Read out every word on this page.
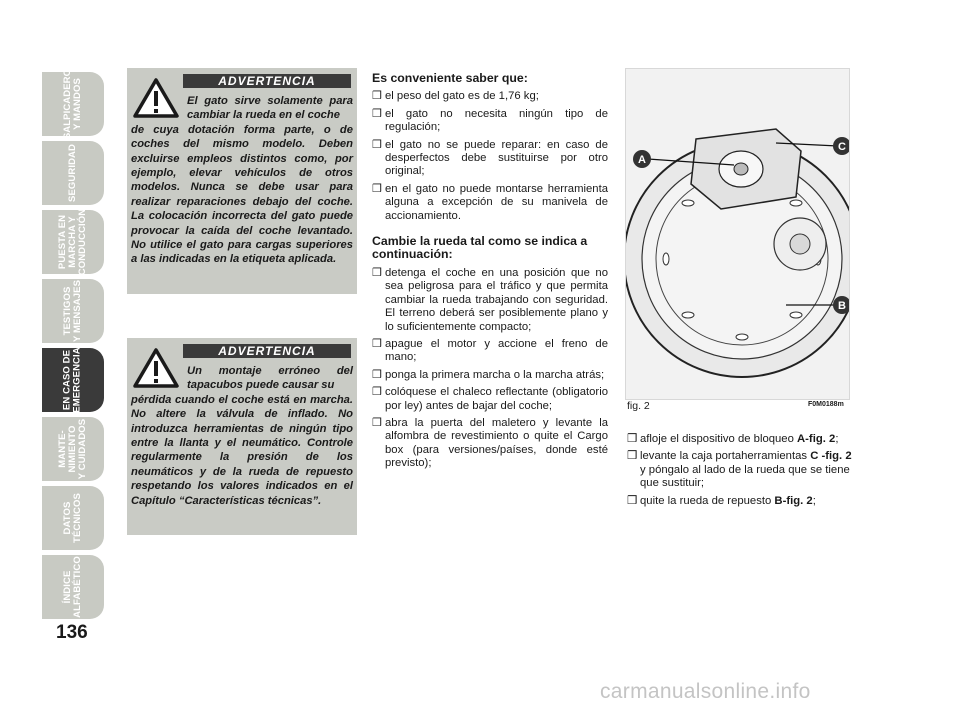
SALPICADERO
Y MANDOS
SEGURIDAD
PUESTA EN
MARCHA Y
CONDUCCIÓN
TESTIGOS
Y MENSAJES
EN CASO DE
EMERGENCIA
MANTE-
NIMIENTO
Y CUIDADOS
DATOS
TÉCNICOS
ÍNDICE
ALFABÉTICO
136
ADVERTENCIA
El gato sirve solamente para cambiar la rueda en el coche
de cuya dotación forma parte, o de coches del mismo modelo. Deben excluirse empleos distintos como, por ejemplo, elevar vehículos de otros modelos. Nunca se debe usar para realizar reparaciones debajo del coche. La colocación incorrecta del gato puede provocar la caída del coche levantado. No utilice el gato para cargas superiores a las indicadas en la etiqueta aplicada.
ADVERTENCIA
Un montaje erróneo del tapacubos puede causar su
pérdida cuando el coche está en marcha. No altere la válvula de inflado. No introduzca herramientas de ningún tipo entre la llanta y el neumático. Controle regularmente la presión de los neumáticos y de la rueda de repuesto respetando los valores indicados en el Capítulo “Características técnicas”.
Es conveniente saber que:
❒ el peso del gato es de 1,76 kg;
❒ el gato no necesita ningún tipo de regulación;
❒ el gato no se puede reparar: en caso de desperfectos debe sustituirse por otro original;
❒ en el gato no puede montarse herramienta alguna a excepción de su manivela de accionamiento.
Cambie la rueda tal como se indica a continuación:
❒ detenga el coche en una posición que no sea peligrosa para el tráfico y que permita cambiar la rueda trabajando con seguridad. El terreno deberá ser posiblemente plano y lo suficientemente compacto;
❒ apague el motor y accione el freno de mano;
❒ ponga la primera marcha o la marcha atrás;
❒ colóquese el chaleco reflectante (obligatorio por ley) antes de bajar del coche;
❒ abra la puerta del maletero y levante la alfombra de revestimiento o quite el Cargo box (para versiones/países, donde esté previsto);
A
C
B
fig. 2	F0M0188m
❒ afloje el dispositivo de bloqueo A-fig. 2;
❒ levante la caja portaherramientas C -fig. 2 y póngalo al lado de la rueda que se tiene que sustituir;
❒ quite la rueda de repuesto B-fig. 2;
carmanualsonline.info
